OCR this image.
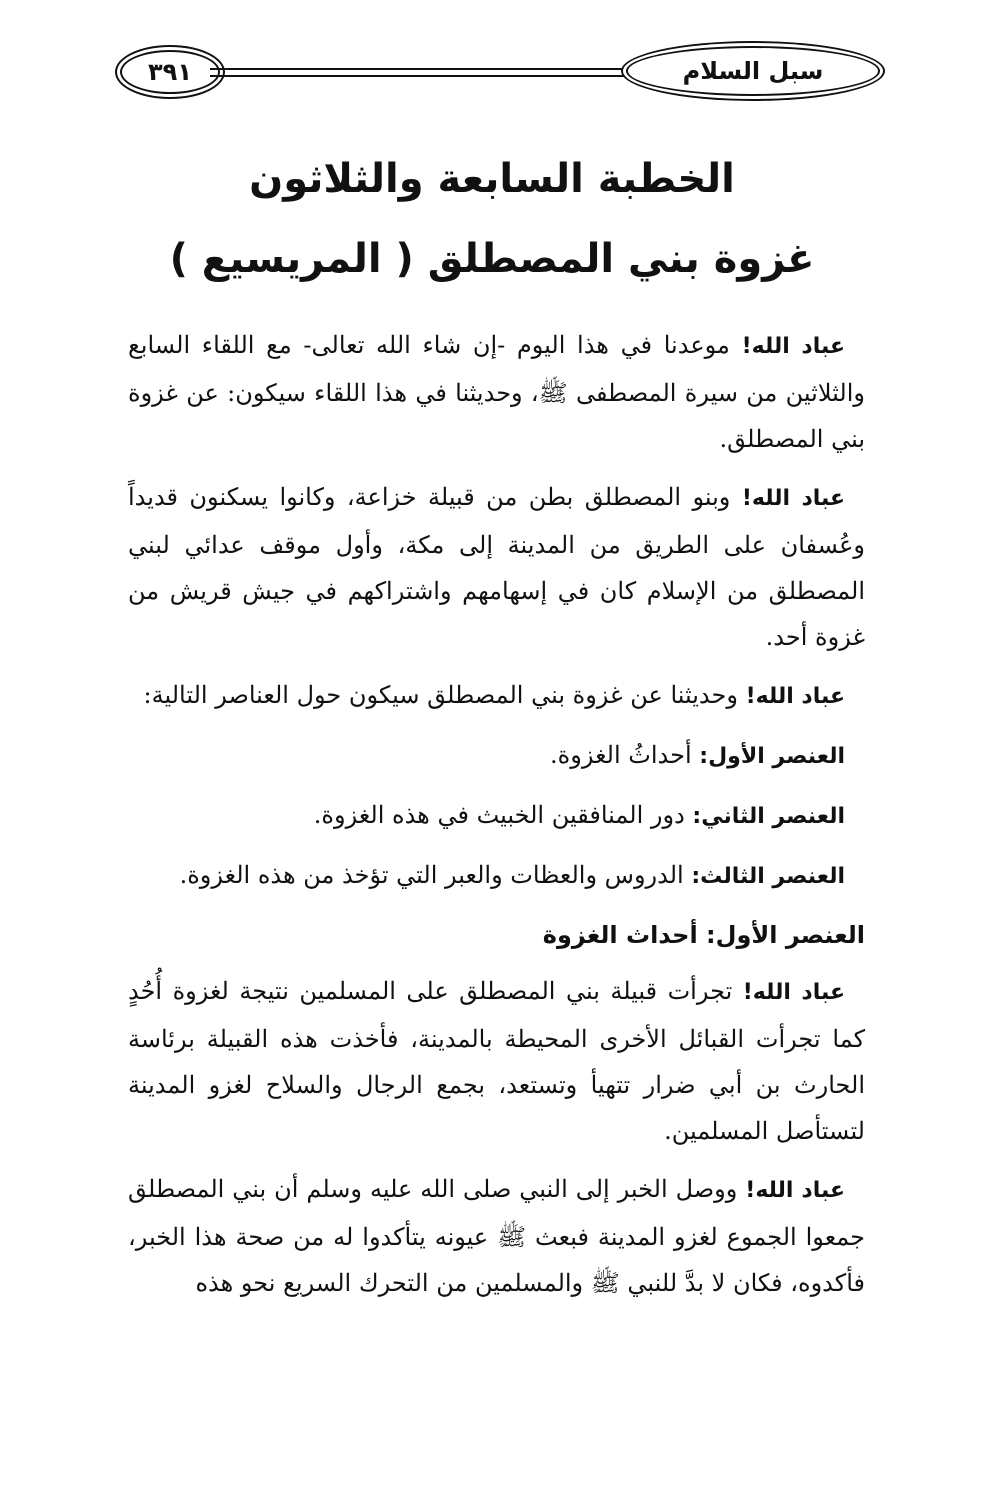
٣٩١	سبل السلام
الخطبة السابعة والثلاثون
غزوة بني المصطلق ( المريسيع )

عباد الله! موعدنا في هذا اليوم -إن شاء الله تعالى- مع اللقاء السابع والثلاثين من سيرة المصطفى ﷺ، وحديثنا في هذا اللقاء سيكون: عن غزوة بني المصطلق.

عباد الله! وبنو المصطلق بطن من قبيلة خزاعة، وكانوا يسكنون قديداً وعُسفان على الطريق من المدينة إلى مكة، وأول موقف عدائي لبني المصطلق من الإسلام كان في إسهامهم واشتراكهم في جيش قريش من غزوة أحد.

عباد الله! وحديثنا عن غزوة بني المصطلق سيكون حول العناصر التالية:

العنصر الأول: أحداثُ الغزوة.

العنصر الثاني: دور المنافقين الخبيث في هذه الغزوة.

العنصر الثالث: الدروس والعظات والعبر التي تؤخذ من هذه الغزوة.

العنصر الأول: أحداث الغزوة

عباد الله! تجرأت قبيلة بني المصطلق على المسلمين نتيجة لغزوة أُحُدٍ كما تجرأت القبائل الأخرى المحيطة بالمدينة، فأخذت هذه القبيلة برئاسة الحارث بن أبي ضرار تتهيأ وتستعد، بجمع الرجال والسلاح لغزو المدينة لتستأصل المسلمين.

عباد الله! ووصل الخبر إلى النبي صلى الله عليه وسلم أن بني المصطلق جمعوا الجموع لغزو المدينة فبعث ﷺ عيونه يتأكدوا له من صحة هذا الخبر، فأكدوه، فكان لا بدَّ للنبي ﷺ والمسلمين من التحرك السريع نحو هذه
